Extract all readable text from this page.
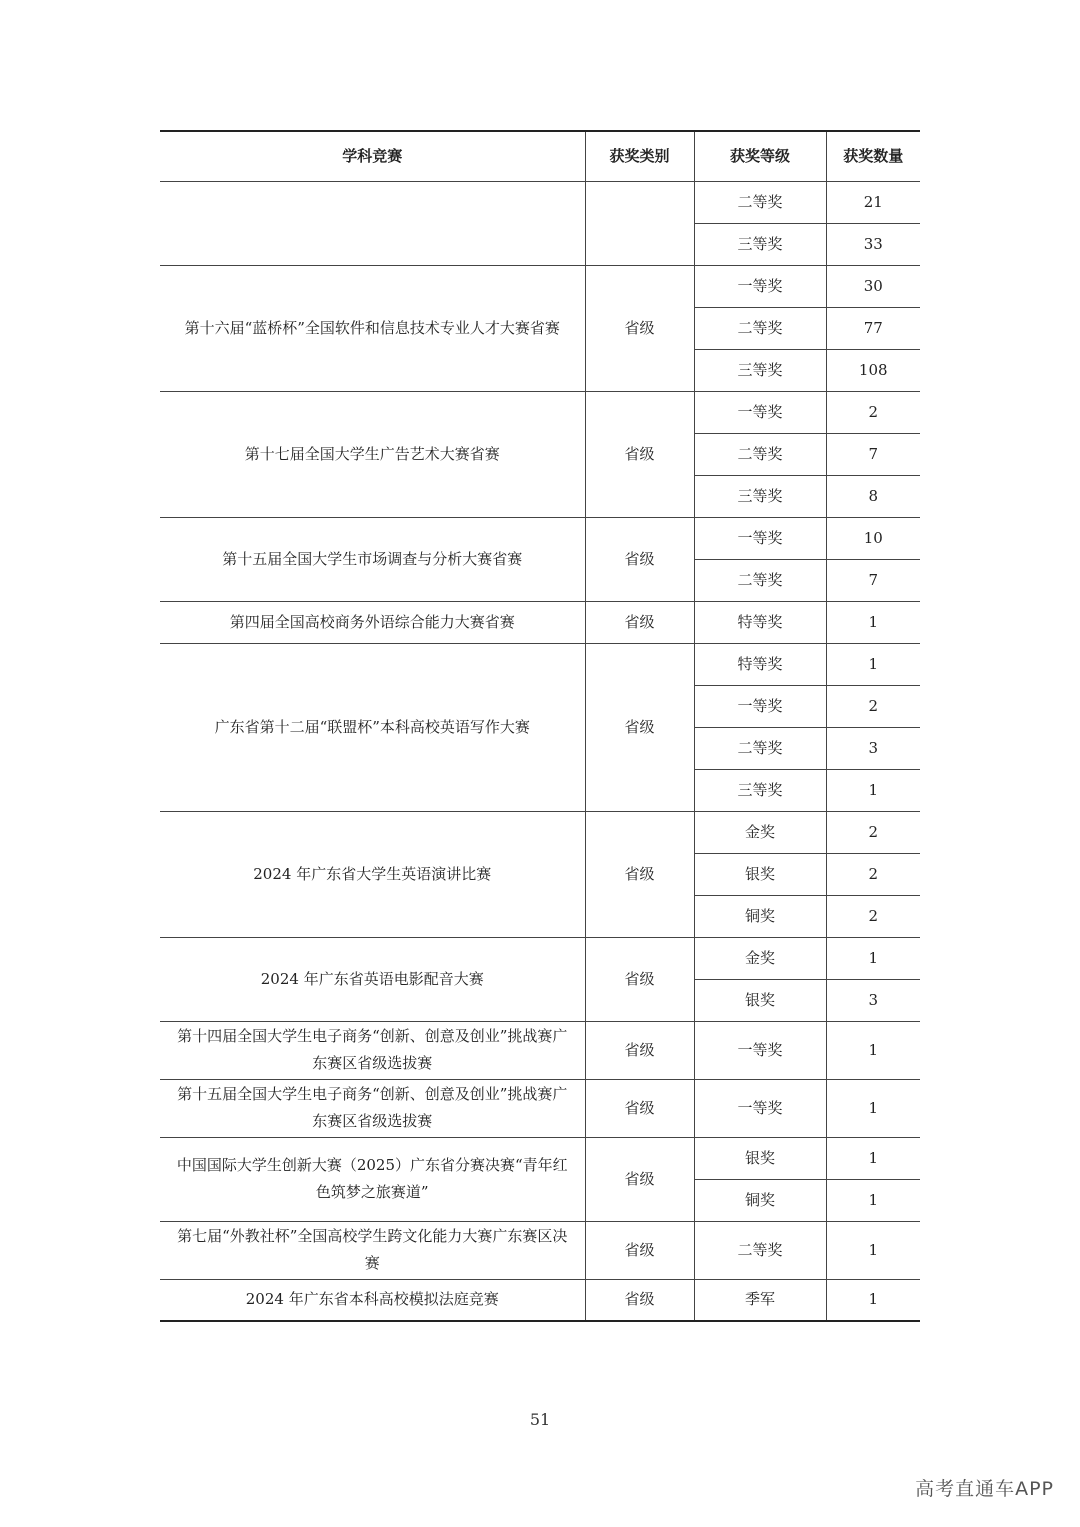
学科竞赛	获奖类别	获奖等级	获奖数量
		二等奖	21
		三等奖	33
第十六届“蓝桥杯”全国软件和信息技术专业人才大赛省赛	省级	一等奖	30
		二等奖	77
		三等奖	108
第十七届全国大学生广告艺术大赛省赛	省级	一等奖	2
		二等奖	7
		三等奖	8
第十五届全国大学生市场调查与分析大赛省赛	省级	一等奖	10
		二等奖	7
第四届全国高校商务外语综合能力大赛省赛	省级	特等奖	1
广东省第十二届“联盟杯”本科高校英语写作大赛	省级	特等奖	1
		一等奖	2
		二等奖	3
		三等奖	1
2024 年广东省大学生英语演讲比赛	省级	金奖	2
		银奖	2
		铜奖	2
2024 年广东省英语电影配音大赛	省级	金奖	1
		银奖	3
第十四届全国大学生电子商务“创新、创意及创业”挑战赛广东赛区省级选拔赛	省级	一等奖	1
第十五届全国大学生电子商务“创新、创意及创业”挑战赛广东赛区省级选拔赛	省级	一等奖	1
中国国际大学生创新大赛（2025）广东省分赛决赛“青年红色筑梦之旅赛道”	省级	银奖	1
		铜奖	1
第七届“外教社杯”全国高校学生跨文化能力大赛广东赛区决赛	省级	二等奖	1
2024 年广东省本科高校模拟法庭竞赛	省级	季军	1
51
高考直通车APP
